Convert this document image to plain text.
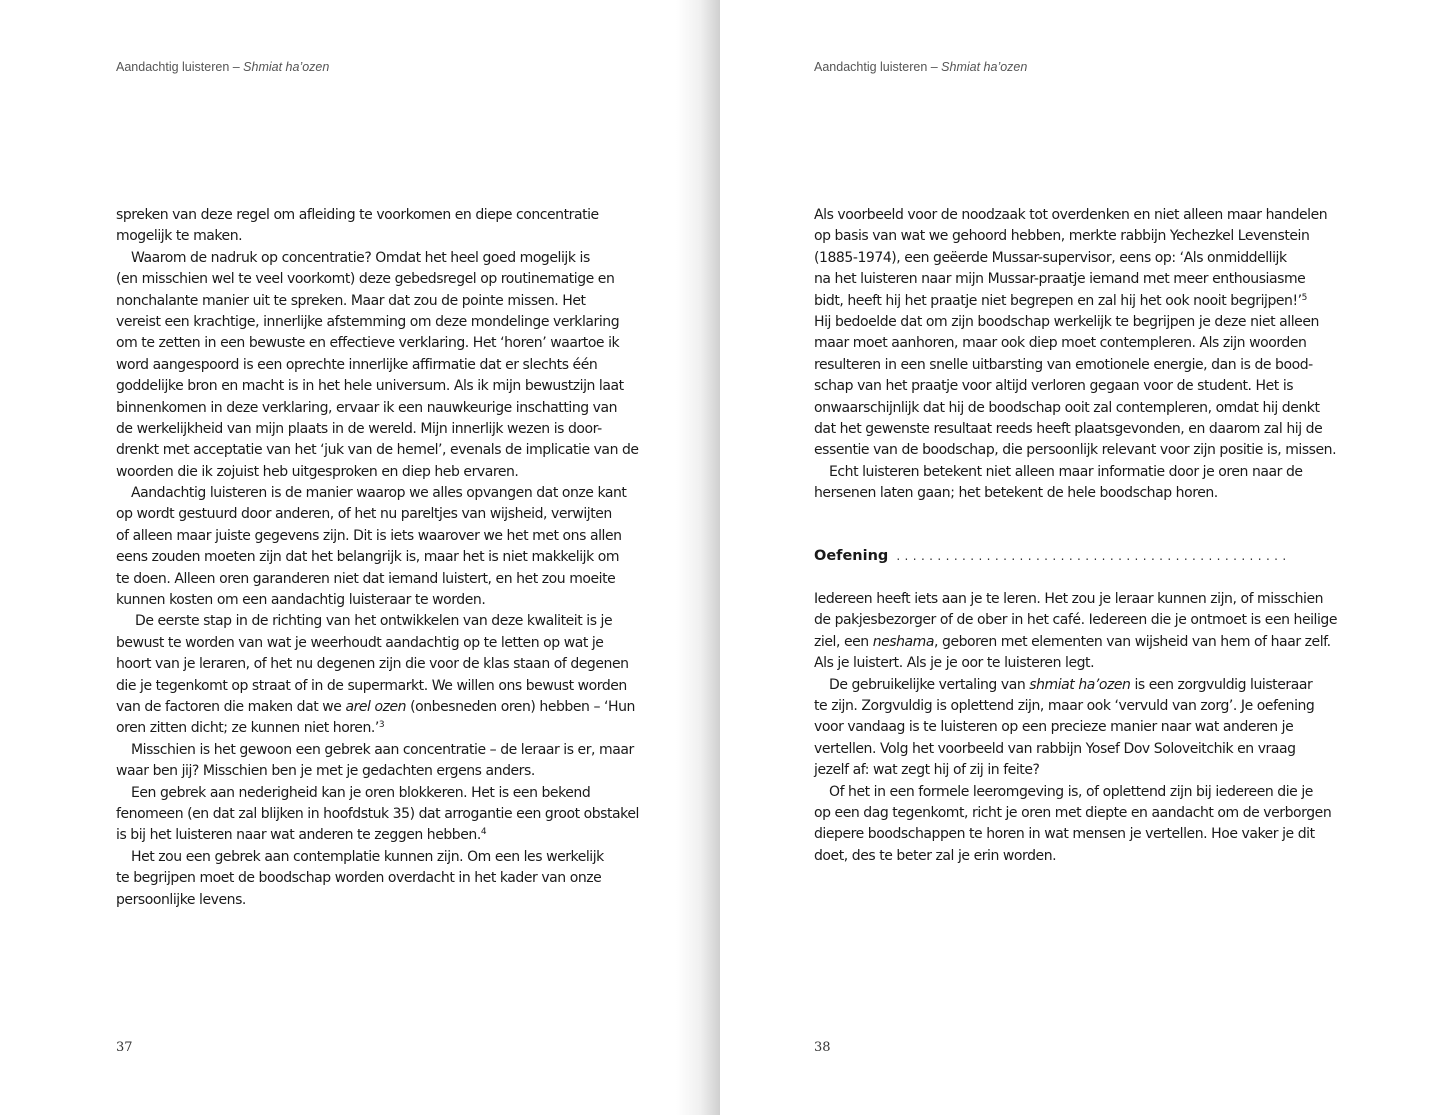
Aandachtig luisteren – Shmiat ha’ozen
spreken van deze regel om afleiding te voorkomen en diepe concentratie
mogelijk te maken.
Waarom de nadruk op concentratie? Omdat het heel goed mogelijk is
(en misschien wel te veel voorkomt) deze gebedsregel op routinematige en
nonchalante manier uit te spreken. Maar dat zou de pointe missen. Het
vereist een krachtige, innerlijke afstemming om deze mondelinge verklaring
om te zetten in een bewuste en effectieve verklaring. Het ‘horen’ waartoe ik
word aangespoord is een oprechte innerlijke affirmatie dat er slechts één
goddelijke bron en macht is in het hele universum. Als ik mijn bewustzijn laat
binnenkomen in deze verklaring, ervaar ik een nauwkeurige inschatting van
de werkelijkheid van mijn plaats in de wereld. Mijn innerlijk wezen is door-
drenkt met acceptatie van het ‘juk van de hemel’, evenals de implicatie van de
woorden die ik zojuist heb uitgesproken en diep heb ervaren.
Aandachtig luisteren is de manier waarop we alles opvangen dat onze kant
op wordt gestuurd door anderen, of het nu pareltjes van wijsheid, verwijten
of alleen maar juiste gegevens zijn. Dit is iets waarover we het met ons allen
eens zouden moeten zijn dat het belangrijk is, maar het is niet makkelijk om
te doen. Alleen oren garanderen niet dat iemand luistert, en het zou moeite
kunnen kosten om een aandachtig luisteraar te worden.
De eerste stap in de richting van het ontwikkelen van deze kwaliteit is je
bewust te worden van wat je weerhoudt aandachtig op te letten op wat je
hoort van je leraren, of het nu degenen zijn die voor de klas staan of degenen
die je tegenkomt op straat of in de supermarkt. We willen ons bewust worden
van de factoren die maken dat we arel ozen (onbesneden oren) hebben – ‘Hun
oren zitten dicht; ze kunnen niet horen.’$^3$
Misschien is het gewoon een gebrek aan concentratie – de leraar is er, maar
waar ben jij? Misschien ben je met je gedachten ergens anders.
Een gebrek aan nederigheid kan je oren blokkeren. Het is een bekend
fenomeen (en dat zal blijken in hoofdstuk 35) dat arrogantie een groot obstakel
is bij het luisteren naar wat anderen te zeggen hebben.$^4$
Het zou een gebrek aan contemplatie kunnen zijn. Om een les werkelijk
te begrijpen moet de boodschap worden overdacht in het kader van onze
persoonlijke levens.
37
Aandachtig luisteren – Shmiat ha’ozen
Als voorbeeld voor de noodzaak tot overdenken en niet alleen maar handelen
op basis van wat we gehoord hebben, merkte rabbijn Yechezkel Levenstein
(1885-1974), een geëerde Mussar-supervisor, eens op: ‘Als onmiddellijk
na het luisteren naar mijn Mussar-praatje iemand met meer enthousiasme
bidt, heeft hij het praatje niet begrepen en zal hij het ook nooit begrijpen!’$^5$
Hij bedoelde dat om zijn boodschap werkelijk te begrijpen je deze niet alleen
maar moet aanhoren, maar ook diep moet contempleren. Als zijn woorden
resulteren in een snelle uitbarsting van emotionele energie, dan is de bood-
schap van het praatje voor altijd verloren gegaan voor de student. Het is
onwaarschijnlijk dat hij de boodschap ooit zal contempleren, omdat hij denkt
dat het gewenste resultaat reeds heeft plaatsgevonden, en daarom zal hij de
essentie van de boodschap, die persoonlijk relevant voor zijn positie is, missen.
Echt luisteren betekent niet alleen maar informatie door je oren naar de
hersenen laten gaan; het betekent de hele boodschap horen.
Oefening ................................................
Iedereen heeft iets aan je te leren. Het zou je leraar kunnen zijn, of misschien
de pakjesbezorger of de ober in het café. Iedereen die je ontmoet is een heilige
ziel, een neshama, geboren met elementen van wijsheid van hem of haar zelf.
Als je luistert. Als je je oor te luisteren legt.
De gebruikelijke vertaling van shmiat ha’ozen is een zorgvuldig luisteraar
te zijn. Zorgvuldig is oplettend zijn, maar ook ‘vervuld van zorg’. Je oefening
voor vandaag is te luisteren op een precieze manier naar wat anderen je
vertellen. Volg het voorbeeld van rabbijn Yosef Dov Soloveitchik en vraag
jezelf af: wat zegt hij of zij in feite?
Of het in een formele leeromgeving is, of oplettend zijn bij iedereen die je
op een dag tegenkomt, richt je oren met diepte en aandacht om de verborgen
diepere boodschappen te horen in wat mensen je vertellen. Hoe vaker je dit
doet, des te beter zal je erin worden.
38
